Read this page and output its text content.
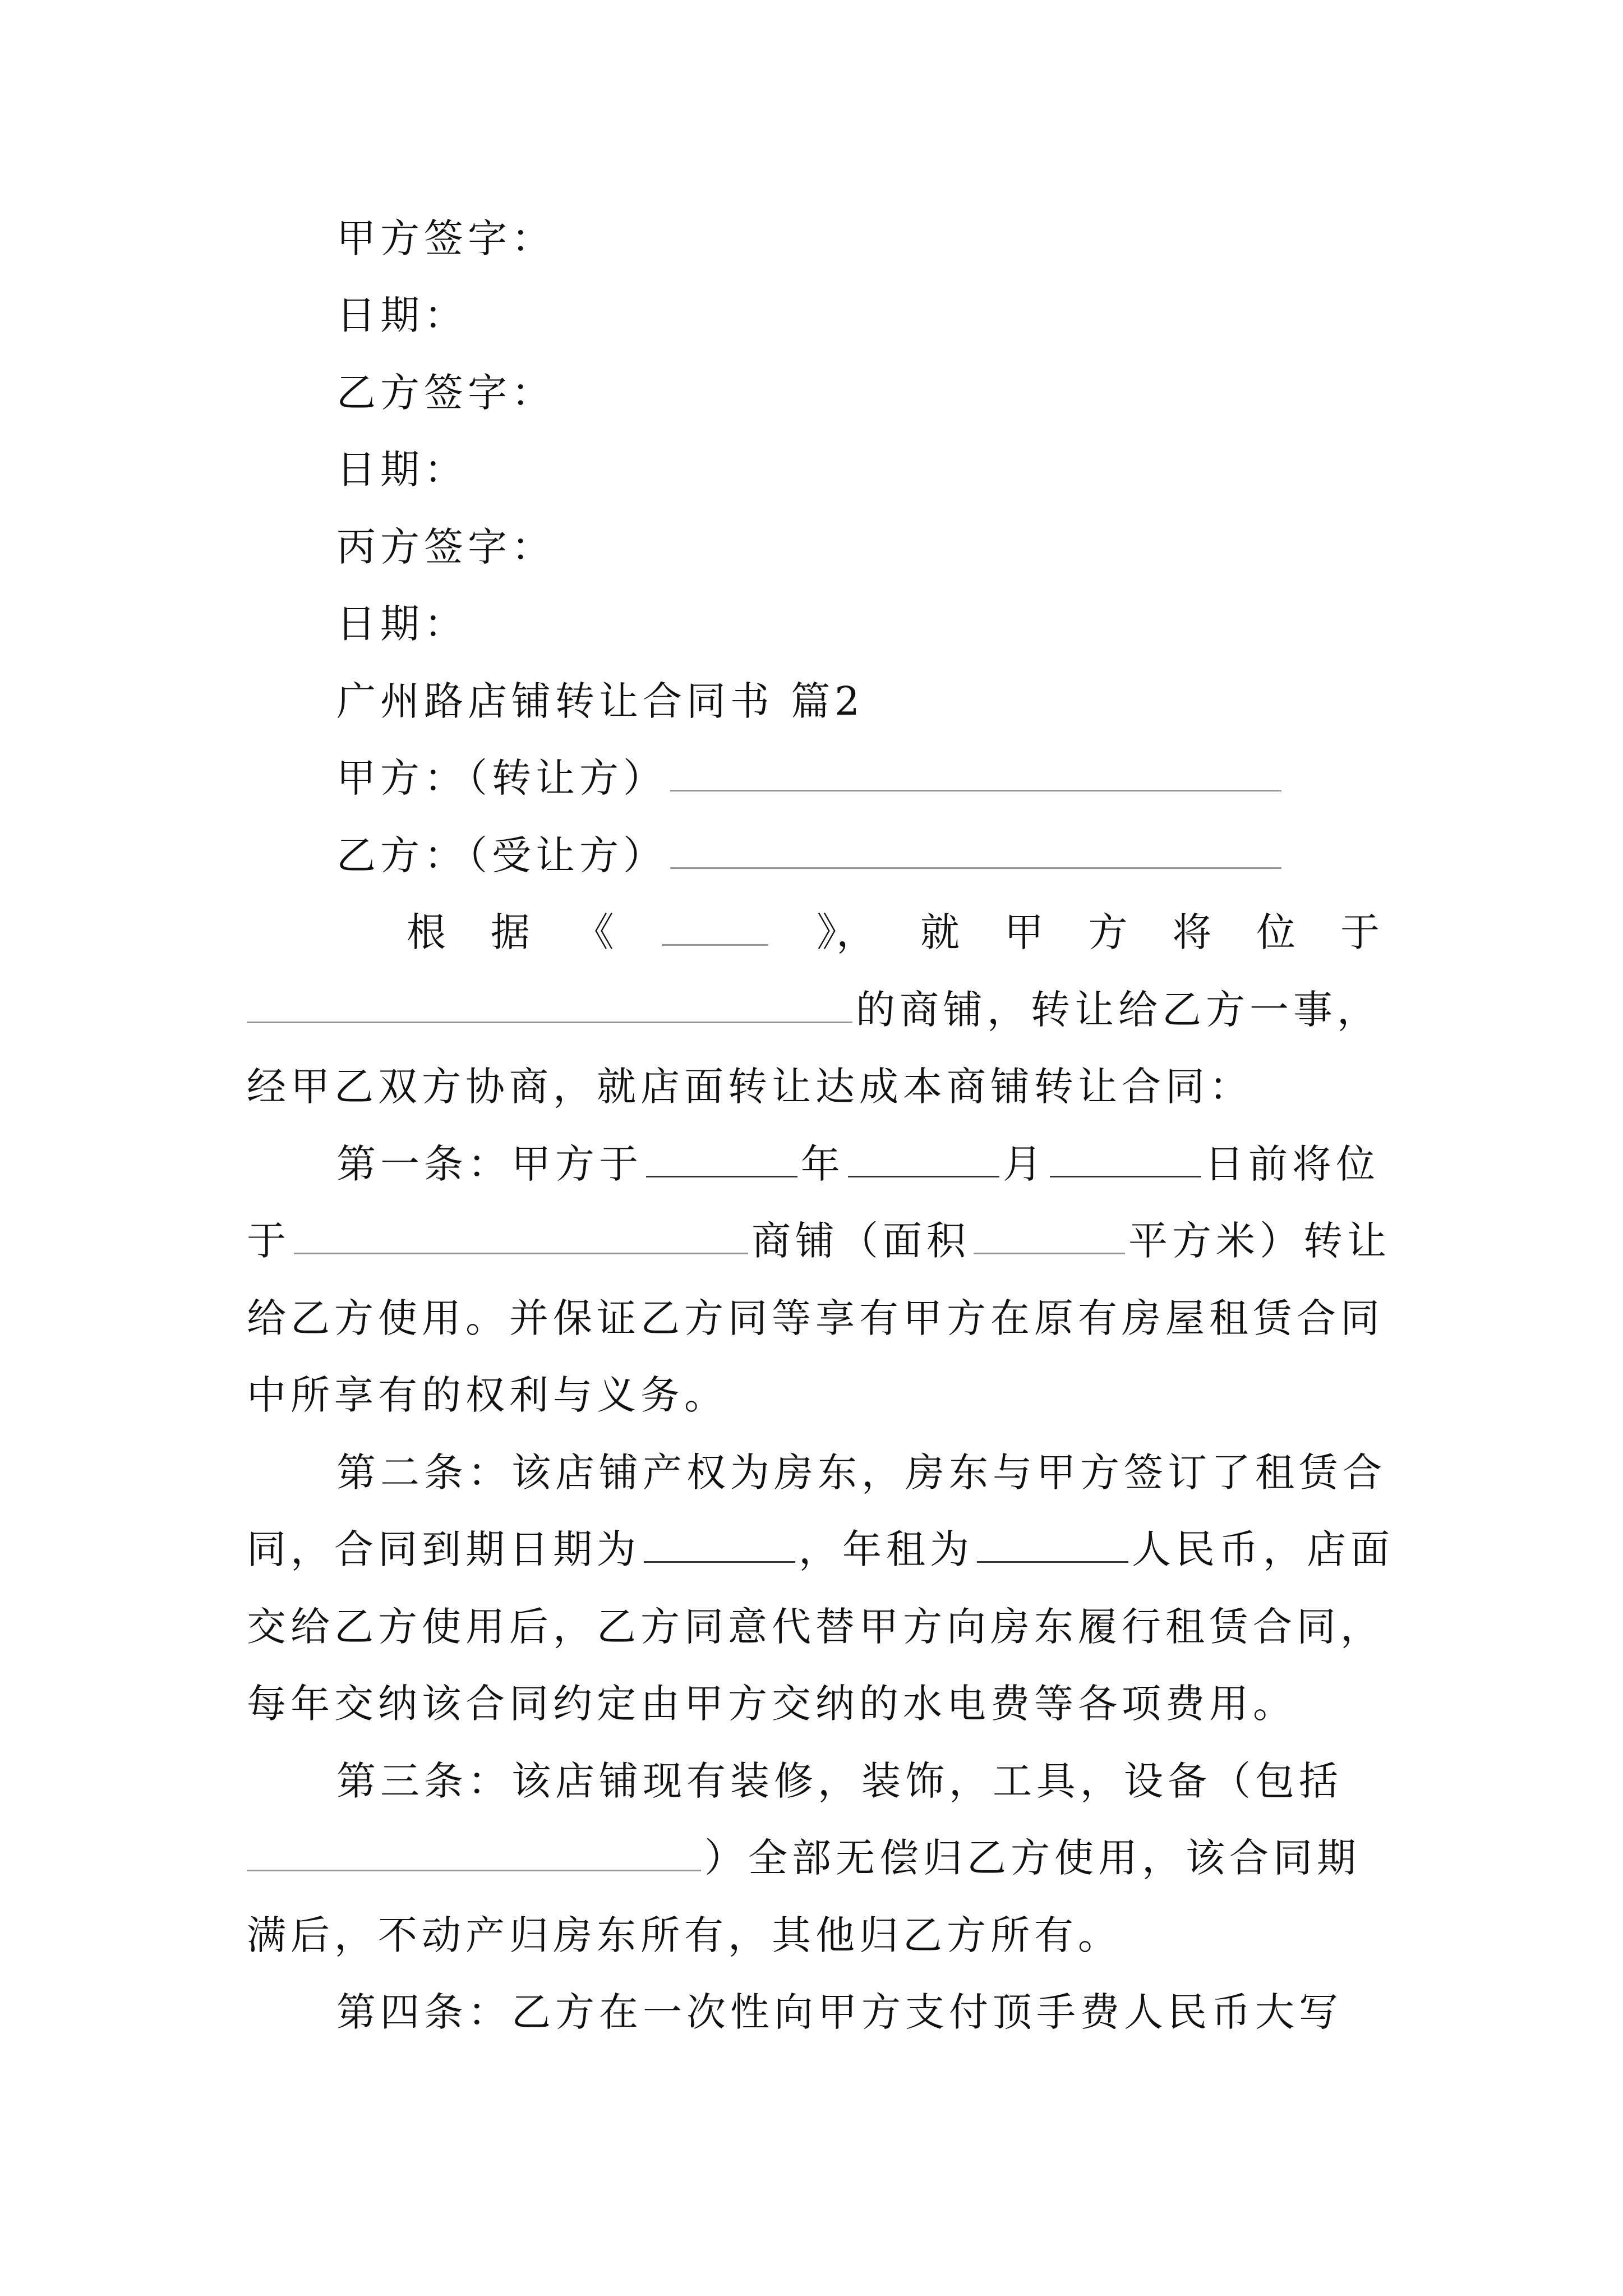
甲方签字：
日期：
乙方签字：
日期：
丙方签字：
日期：
广州路店铺转让合同书 篇2
甲方：（转让方）
乙方：（受让方）
根 据 《	》， 就 甲 方 将 位 于
的商铺，转让给乙方一事，
经甲乙双方协商，就店面转让达成本商铺转让合同：
第一条：甲方于	年	月	日前将位
于	商铺（面积	平方米）转让
给乙方使用。并保证乙方同等享有甲方在原有房屋租赁合同
中所享有的权利与义务。
第二条：该店铺产权为房东，房东与甲方签订了租赁合
同，合同到期日期为	，年租为	人民币，店面
交给乙方使用后，乙方同意代替甲方向房东履行租赁合同，
每年交纳该合同约定由甲方交纳的水电费等各项费用。
第三条：该店铺现有装修，装饰，工具，设备（包括
）全部无偿归乙方使用，该合同期
满后，不动产归房东所有，其他归乙方所有。
第四条：乙方在一次性向甲方支付顶手费人民币大写
